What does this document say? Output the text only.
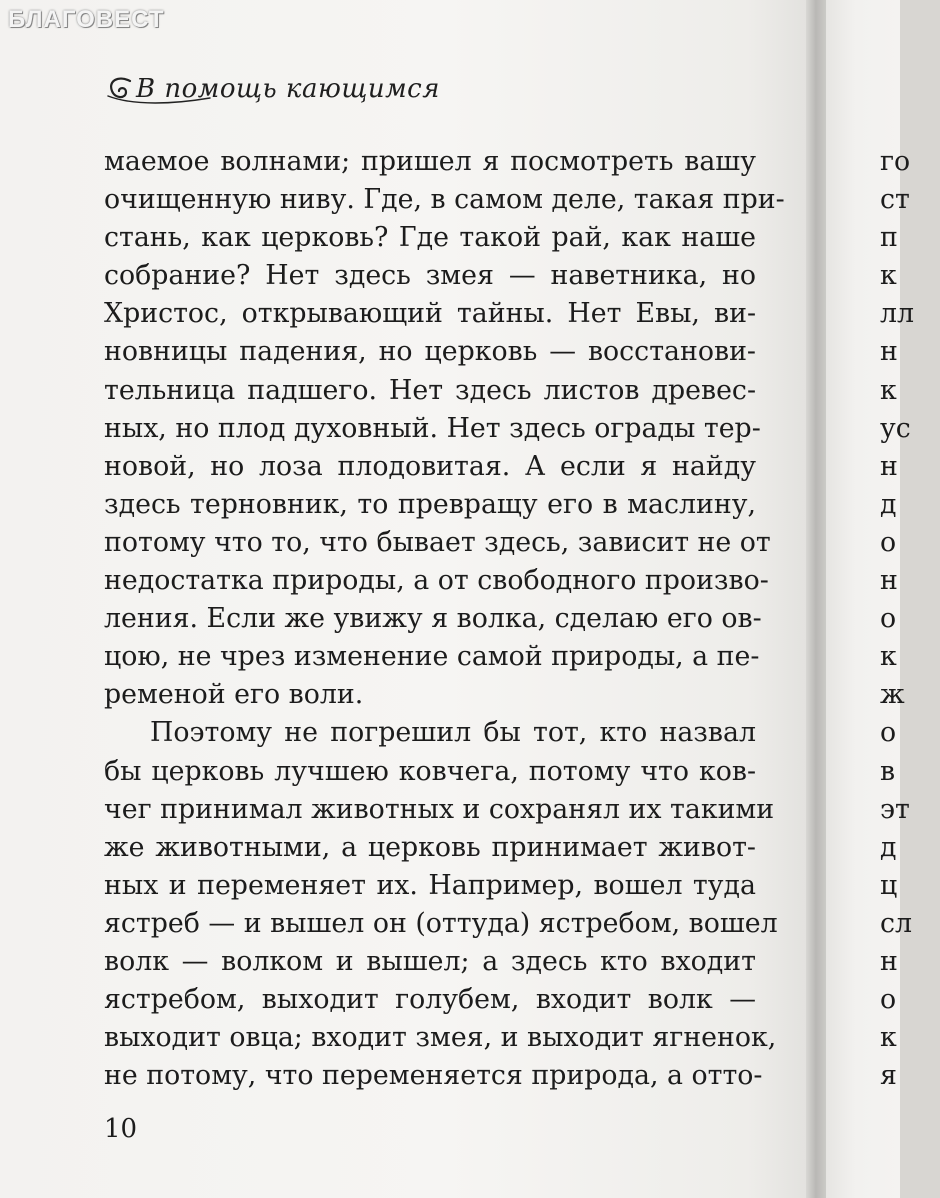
БЛАГОВЕСТ
В помощь кающимся
маемое волнами; пришел я посмотреть вашу
очищенную ниву. Где, в самом деле, такая при-
стань, как церковь? Где такой рай, как наше
собрание? Нет здесь змея — наветника, но
Христос, открывающий тайны. Нет Евы, ви-
новницы падения, но церковь — восстанови-
тельница падшего. Нет здесь листов древес-
ных, но плод духовный. Нет здесь ограды тер-
новой, но лоза плодовитая. А если я найду
здесь терновник, то превращу его в маслину,
потому что то, что бывает здесь, зависит не от
недостатка природы, а от свободного произво-
ления. Если же увижу я волка, сделаю его ов-
цою, не чрез изменение самой природы, а пе-
ременой его воли.
Поэтому не погрешил бы тот, кто назвал
бы церковь лучшею ковчега, потому что ков-
чег принимал животных и сохранял их такими
же животными, а церковь принимает живот-
ных и переменяет их. Например, вошел туда
ястреб — и вышел он (оттуда) ястребом, вошел
волк — волком и вышел; а здесь кто входит
ястребом, выходит голубем, входит волк —
выходит овца; входит змея, и выходит ягненок,
не потому, что переменяется природа, а отто-
10
го
ст
п
к
лл
н
к
ус
н
д
о
н
о
к
ж
о
в
эт
д
ц
сл
н
о
к
я
